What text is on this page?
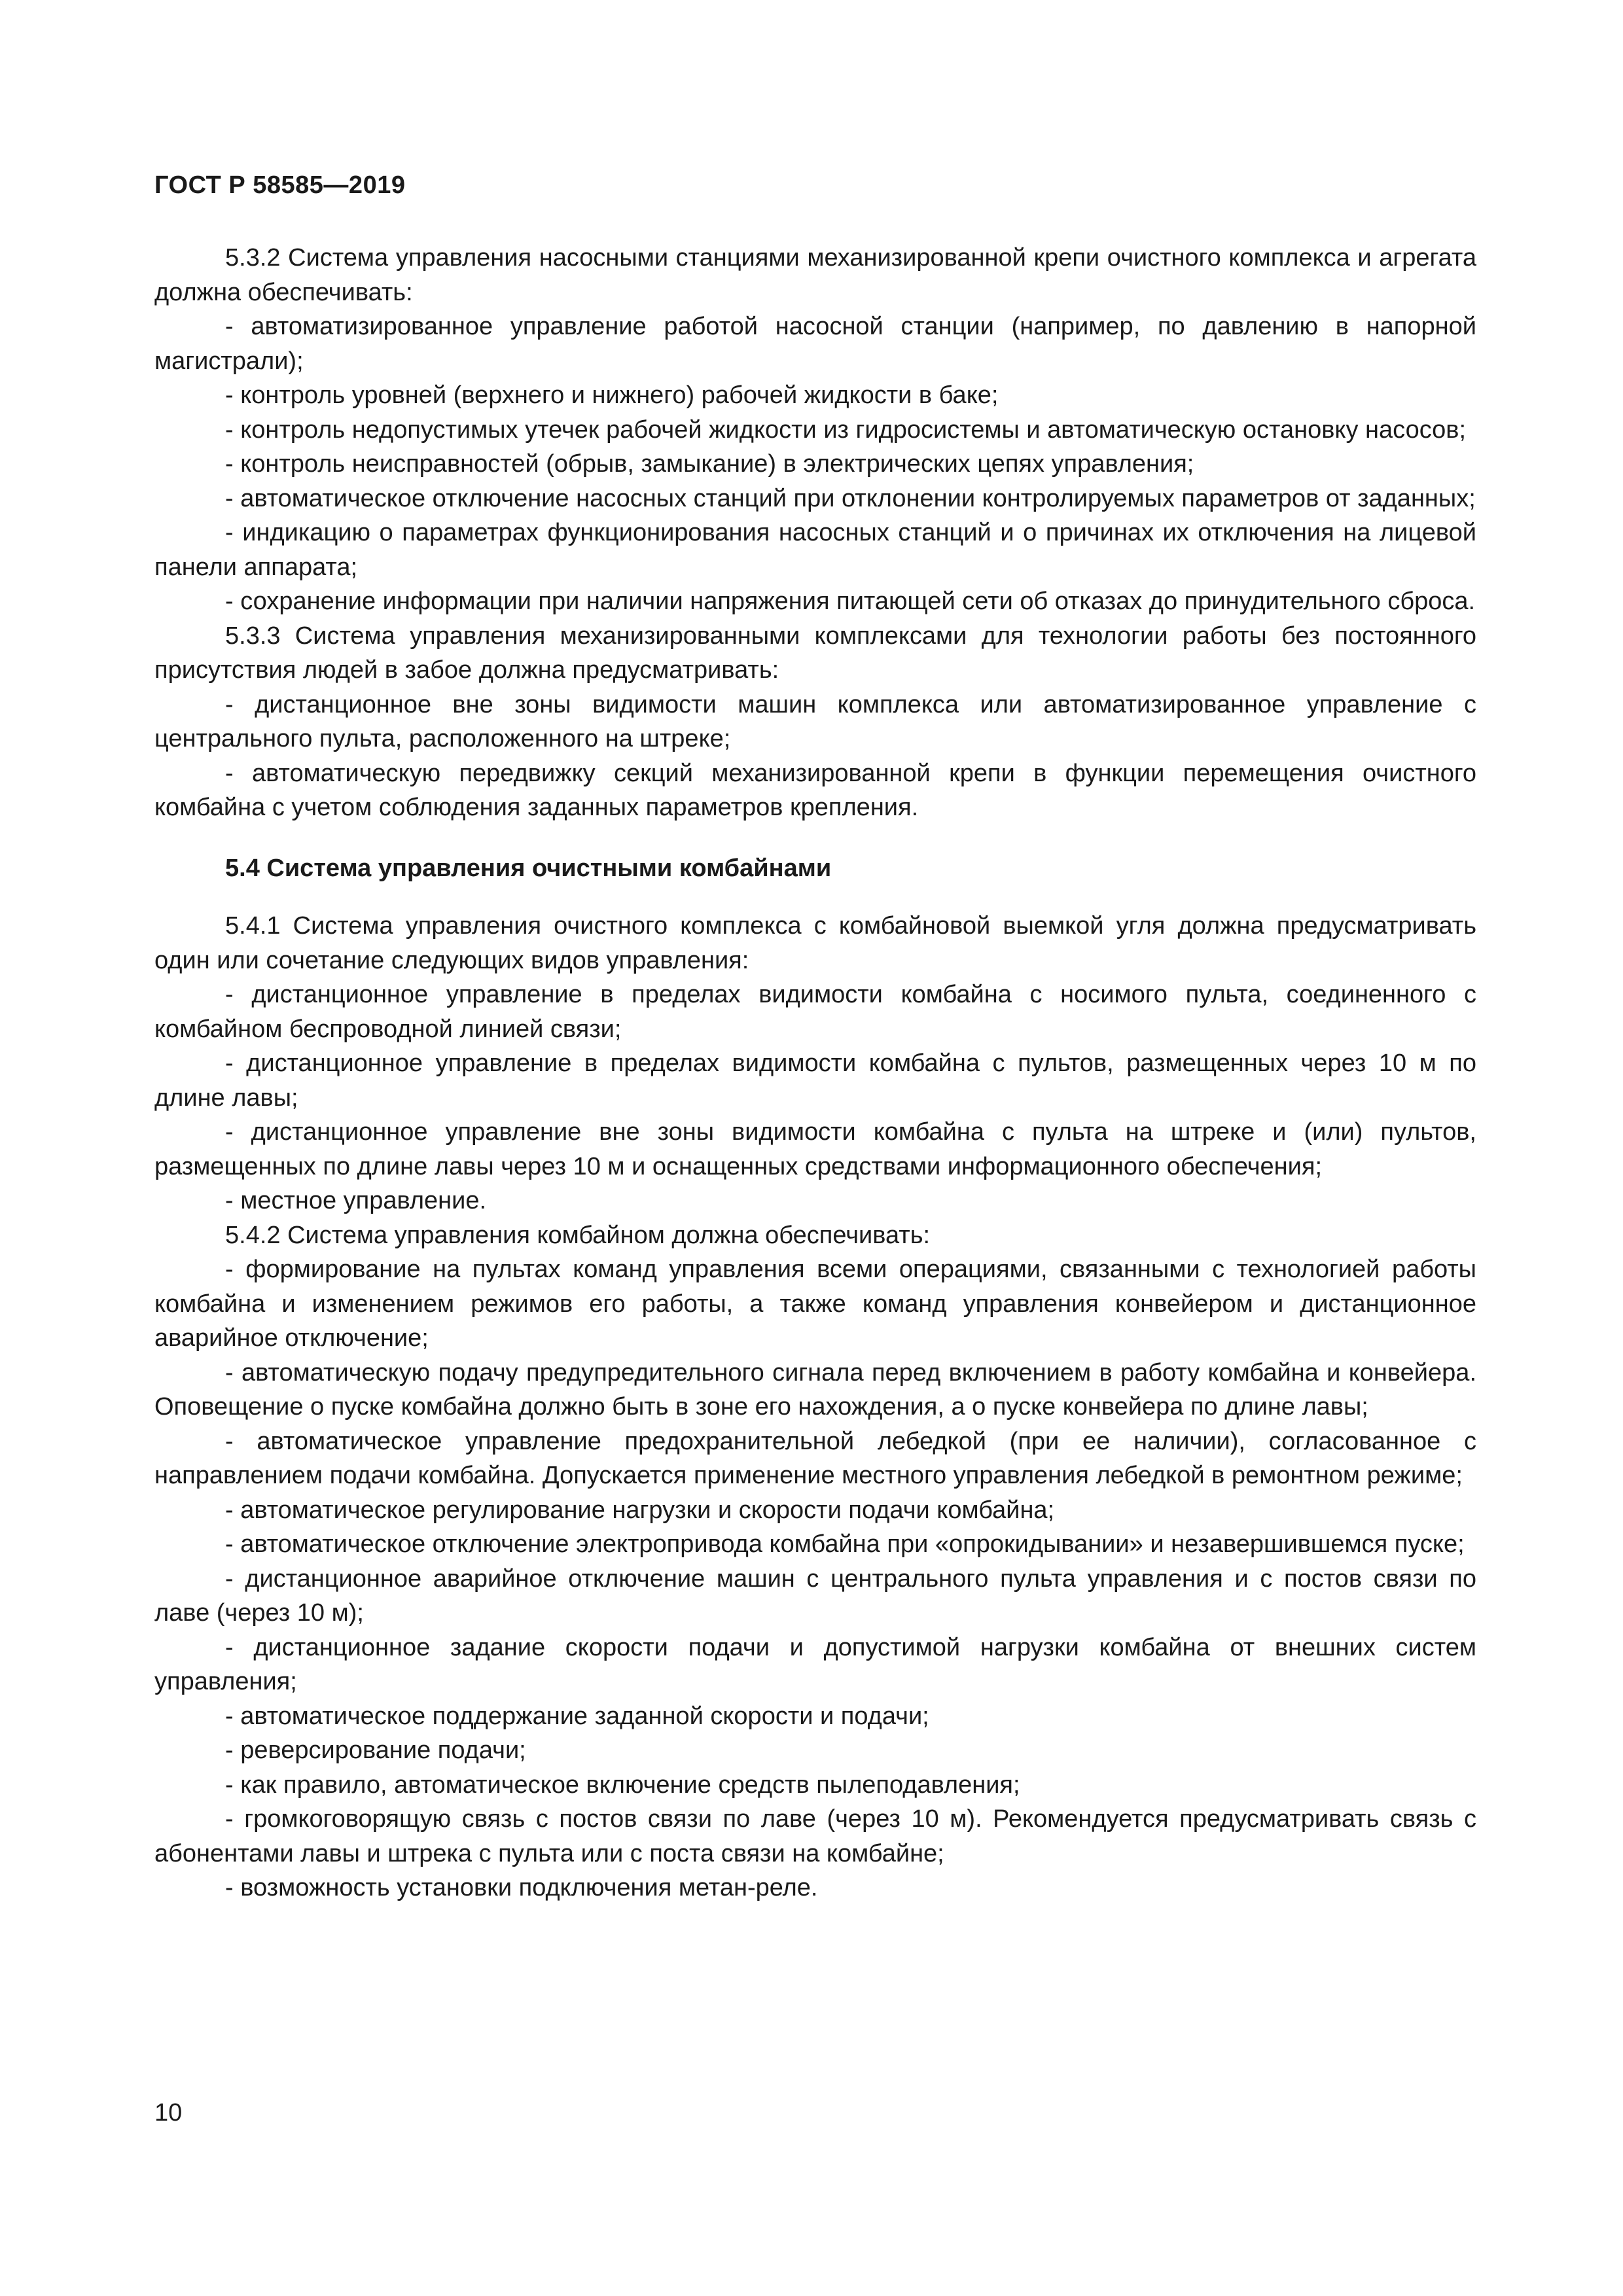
ГОСТ Р 58585—2019

5.3.2 Система управления насосными станциями механизированной крепи очистного комплекса и агрегата должна обеспечивать:

- автоматизированное управление работой насосной станции (например, по давлению в напорной магистрали);

- контроль уровней (верхнего и нижнего) рабочей жидкости в баке;

- контроль недопустимых утечек рабочей жидкости из гидросистемы и автоматическую остановку насосов;

- контроль неисправностей (обрыв, замыкание) в электрических цепях управления;

- автоматическое отключение насосных станций при отклонении контролируемых параметров от заданных;

- индикацию о параметрах функционирования насосных станций и о причинах их отключения на лицевой панели аппарата;

- сохранение информации при наличии напряжения питающей сети об отказах до принудительного сброса.

5.3.3 Система управления механизированными комплексами для технологии работы без постоянного присутствия людей в забое должна предусматривать:

- дистанционное вне зоны видимости машин комплекса или автоматизированное управление с центрального пульта, расположенного на штреке;

- автоматическую передвижку секций механизированной крепи в функции перемещения очистного комбайна с учетом соблюдения заданных параметров крепления.

5.4 Система управления очистными комбайнами

5.4.1 Система управления очистного комплекса с комбайновой выемкой угля должна предусматривать один или сочетание следующих видов управления:

- дистанционное управление в пределах видимости комбайна с носимого пульта, соединенного с комбайном беспроводной линией связи;

- дистанционное управление в пределах видимости комбайна с пультов, размещенных через 10 м по длине лавы;

- дистанционное управление вне зоны видимости комбайна с пульта на штреке и (или) пультов, размещенных по длине лавы через 10 м и оснащенных средствами информационного обеспечения;

- местное управление.

5.4.2 Система управления комбайном должна обеспечивать:

- формирование на пультах команд управления всеми операциями, связанными с технологией работы комбайна и изменением режимов его работы, а также команд управления конвейером и дистанционное аварийное отключение;

- автоматическую подачу предупредительного сигнала перед включением в работу комбайна и конвейера. Оповещение о пуске комбайна должно быть в зоне его нахождения, а о пуске конвейера по длине лавы;

- автоматическое управление предохранительной лебедкой (при ее наличии), согласованное с направлением подачи комбайна. Допускается применение местного управления лебедкой в ремонтном режиме;

- автоматическое регулирование нагрузки и скорости подачи комбайна;

- автоматическое отключение электропривода комбайна при «опрокидывании» и незавершившемся пуске;

- дистанционное аварийное отключение машин с центрального пульта управления и с постов связи по лаве (через 10 м);

- дистанционное задание скорости подачи и допустимой нагрузки комбайна от внешних систем управления;

- автоматическое поддержание заданной скорости и подачи;

- реверсирование подачи;

- как правило, автоматическое включение средств пылеподавления;

- громкоговорящую связь с постов связи по лаве (через 10 м). Рекомендуется предусматривать связь с абонентами лавы и штрека с пульта или с поста связи на комбайне;

- возможность установки подключения метан-реле.

10
